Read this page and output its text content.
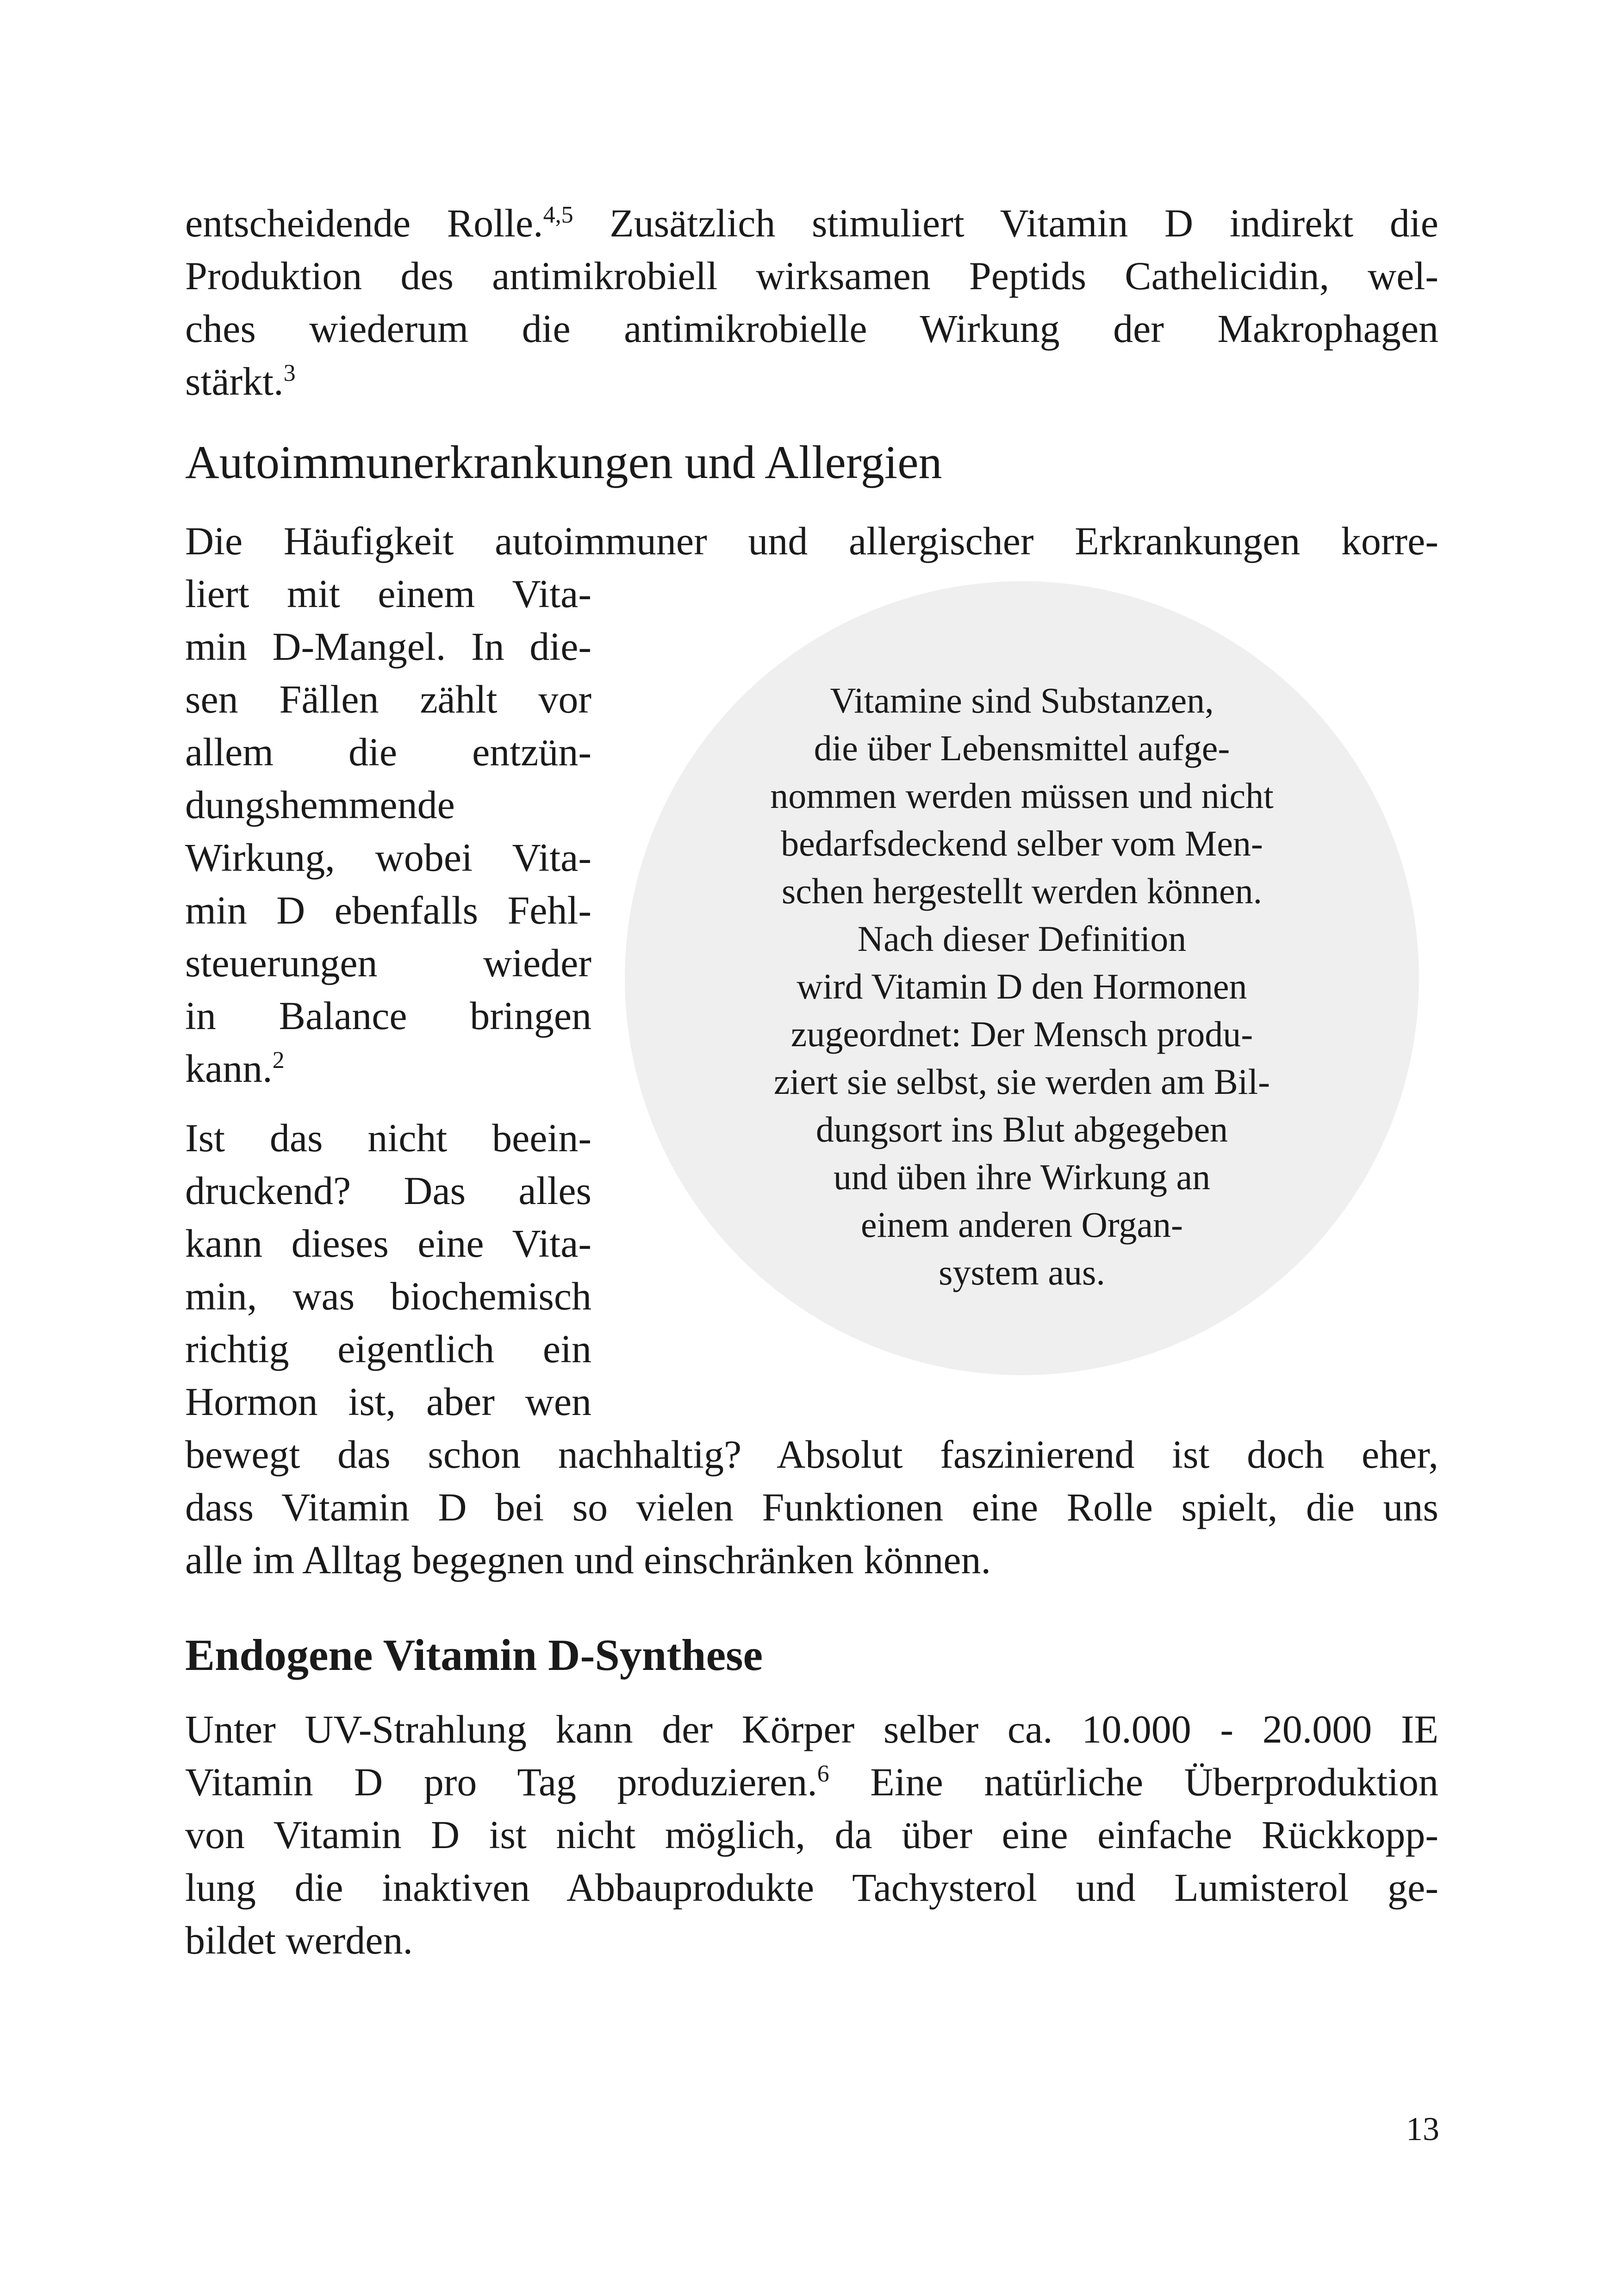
entscheidende Rolle.$^{4,5}$ Zusätzlich stimuliert Vitamin D indirekt die
Produktion des antimikrobiell wirksamen Peptids Cathelicidin, wel-
ches wiederum die antimikrobielle Wirkung der Makrophagen
stärkt.$^3$
Autoimmunerkrankungen und Allergien
Die Häufigkeit autoimmuner und allergischer Erkrankungen korre-
liert mit einem Vita-
min D-Mangel. In die-
sen Fällen zählt vor
allem die entzün-
dungshemmende
Wirkung, wobei Vita-
min D ebenfalls Fehl-
steuerungen wieder
in Balance bringen
kann.$^2$
Ist das nicht beein-
druckend? Das alles
kann dieses eine Vita-
min, was biochemisch
richtig eigentlich ein
Hormon ist, aber wen
bewegt das schon nachhaltig? Absolut faszinierend ist doch eher,
dass Vitamin D bei so vielen Funktionen eine Rolle spielt, die uns
alle im Alltag begegnen und einschränken können.
Vitamine sind Substanzen,
die über Lebensmittel aufge-
nommen werden müssen und nicht
bedarfsdeckend selber vom Men-
schen hergestellt werden können.
Nach dieser Definition
wird Vitamin D den Hormonen
zugeordnet: Der Mensch produ-
ziert sie selbst, sie werden am Bil-
dungsort ins Blut abgegeben
und üben ihre Wirkung an
einem anderen Organ-
system aus.
Endogene Vitamin D-Synthese
Unter UV-Strahlung kann der Körper selber ca. 10.000 - 20.000 IE
Vitamin D pro Tag produzieren.$^6$ Eine natürliche Überproduktion
von Vitamin D ist nicht möglich, da über eine einfache Rückkopp-
lung die inaktiven Abbauprodukte Tachysterol und Lumisterol ge-
bildet werden.
13
